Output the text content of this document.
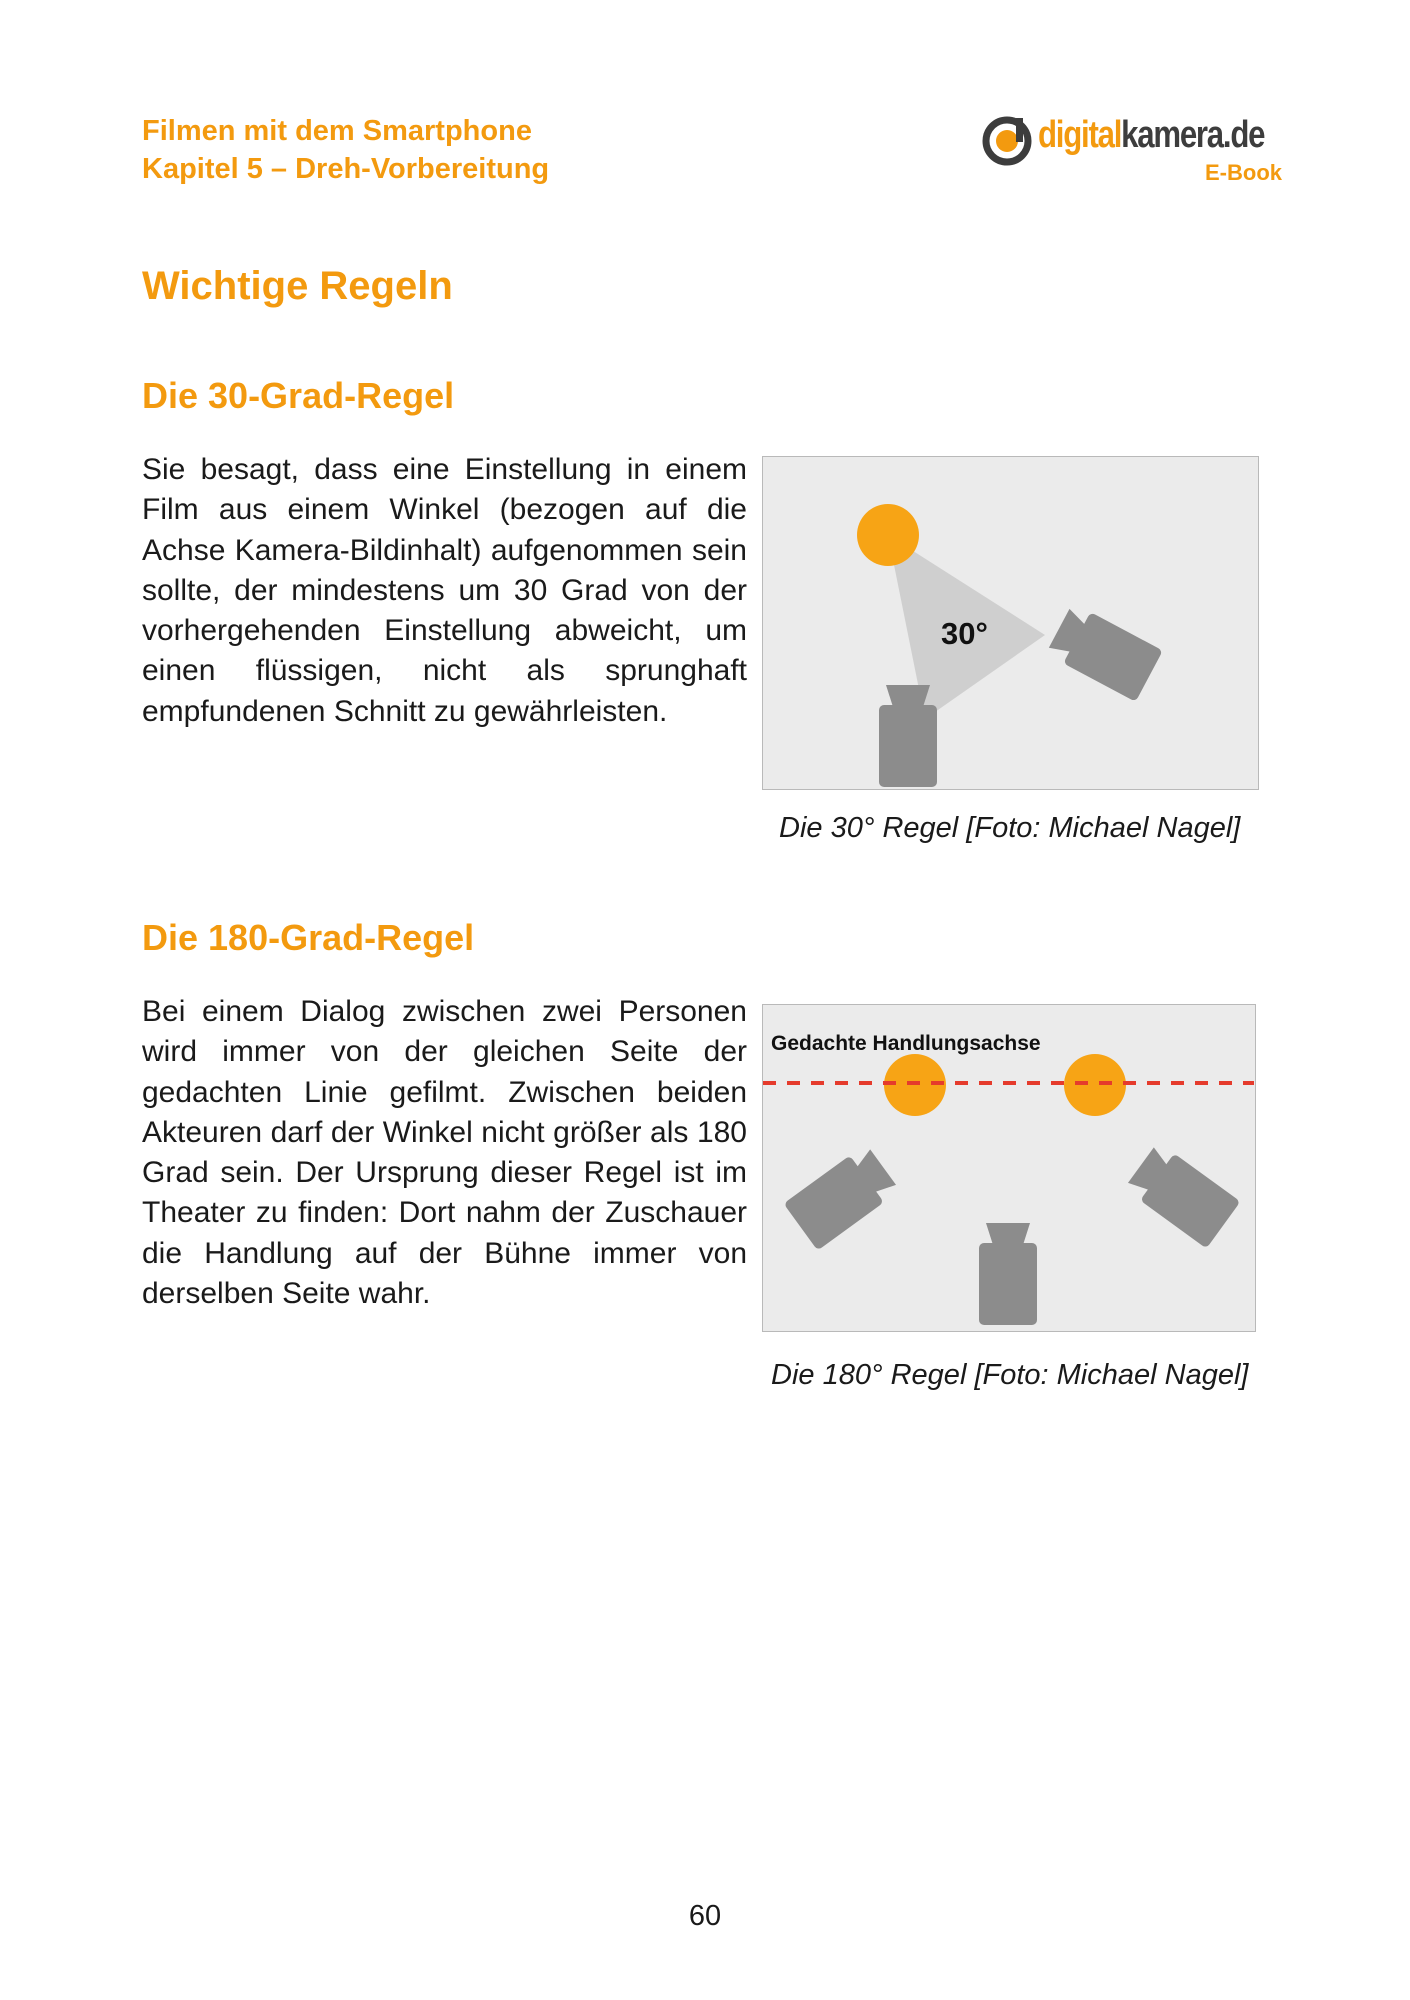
Filmen mit dem Smartphone
Kapitel 5 – Dreh-Vorbereitung
digitalkamera.de
E-Book
Wichtige Regeln
Die 30-Grad-Regel

Sie besagt, dass eine Einstellung in einem Film aus einem Winkel (bezogen auf die Achse Kamera-Bildinhalt) aufgenommen sein sollte, der mindestens um 30 Grad von der vorhergehenden Einstellung abweicht, um einen flüssigen, nicht als sprunghaft empfundenen Schnitt zu gewährleisten.

30°
Die 30° Regel [Foto: Michael Nagel]
Die 180-Grad-Regel

Bei einem Dialog zwischen zwei Personen wird immer von der gleichen Seite der gedachten Linie gefilmt. Zwischen beiden Akteuren darf der Winkel nicht größer als 180 Grad sein. Der Ursprung dieser Regel ist im Theater zu finden: Dort nahm der Zuschauer die Handlung auf der Bühne immer von derselben Seite wahr.

Gedachte Handlungsachse
Die 180° Regel [Foto: Michael Nagel]
60
